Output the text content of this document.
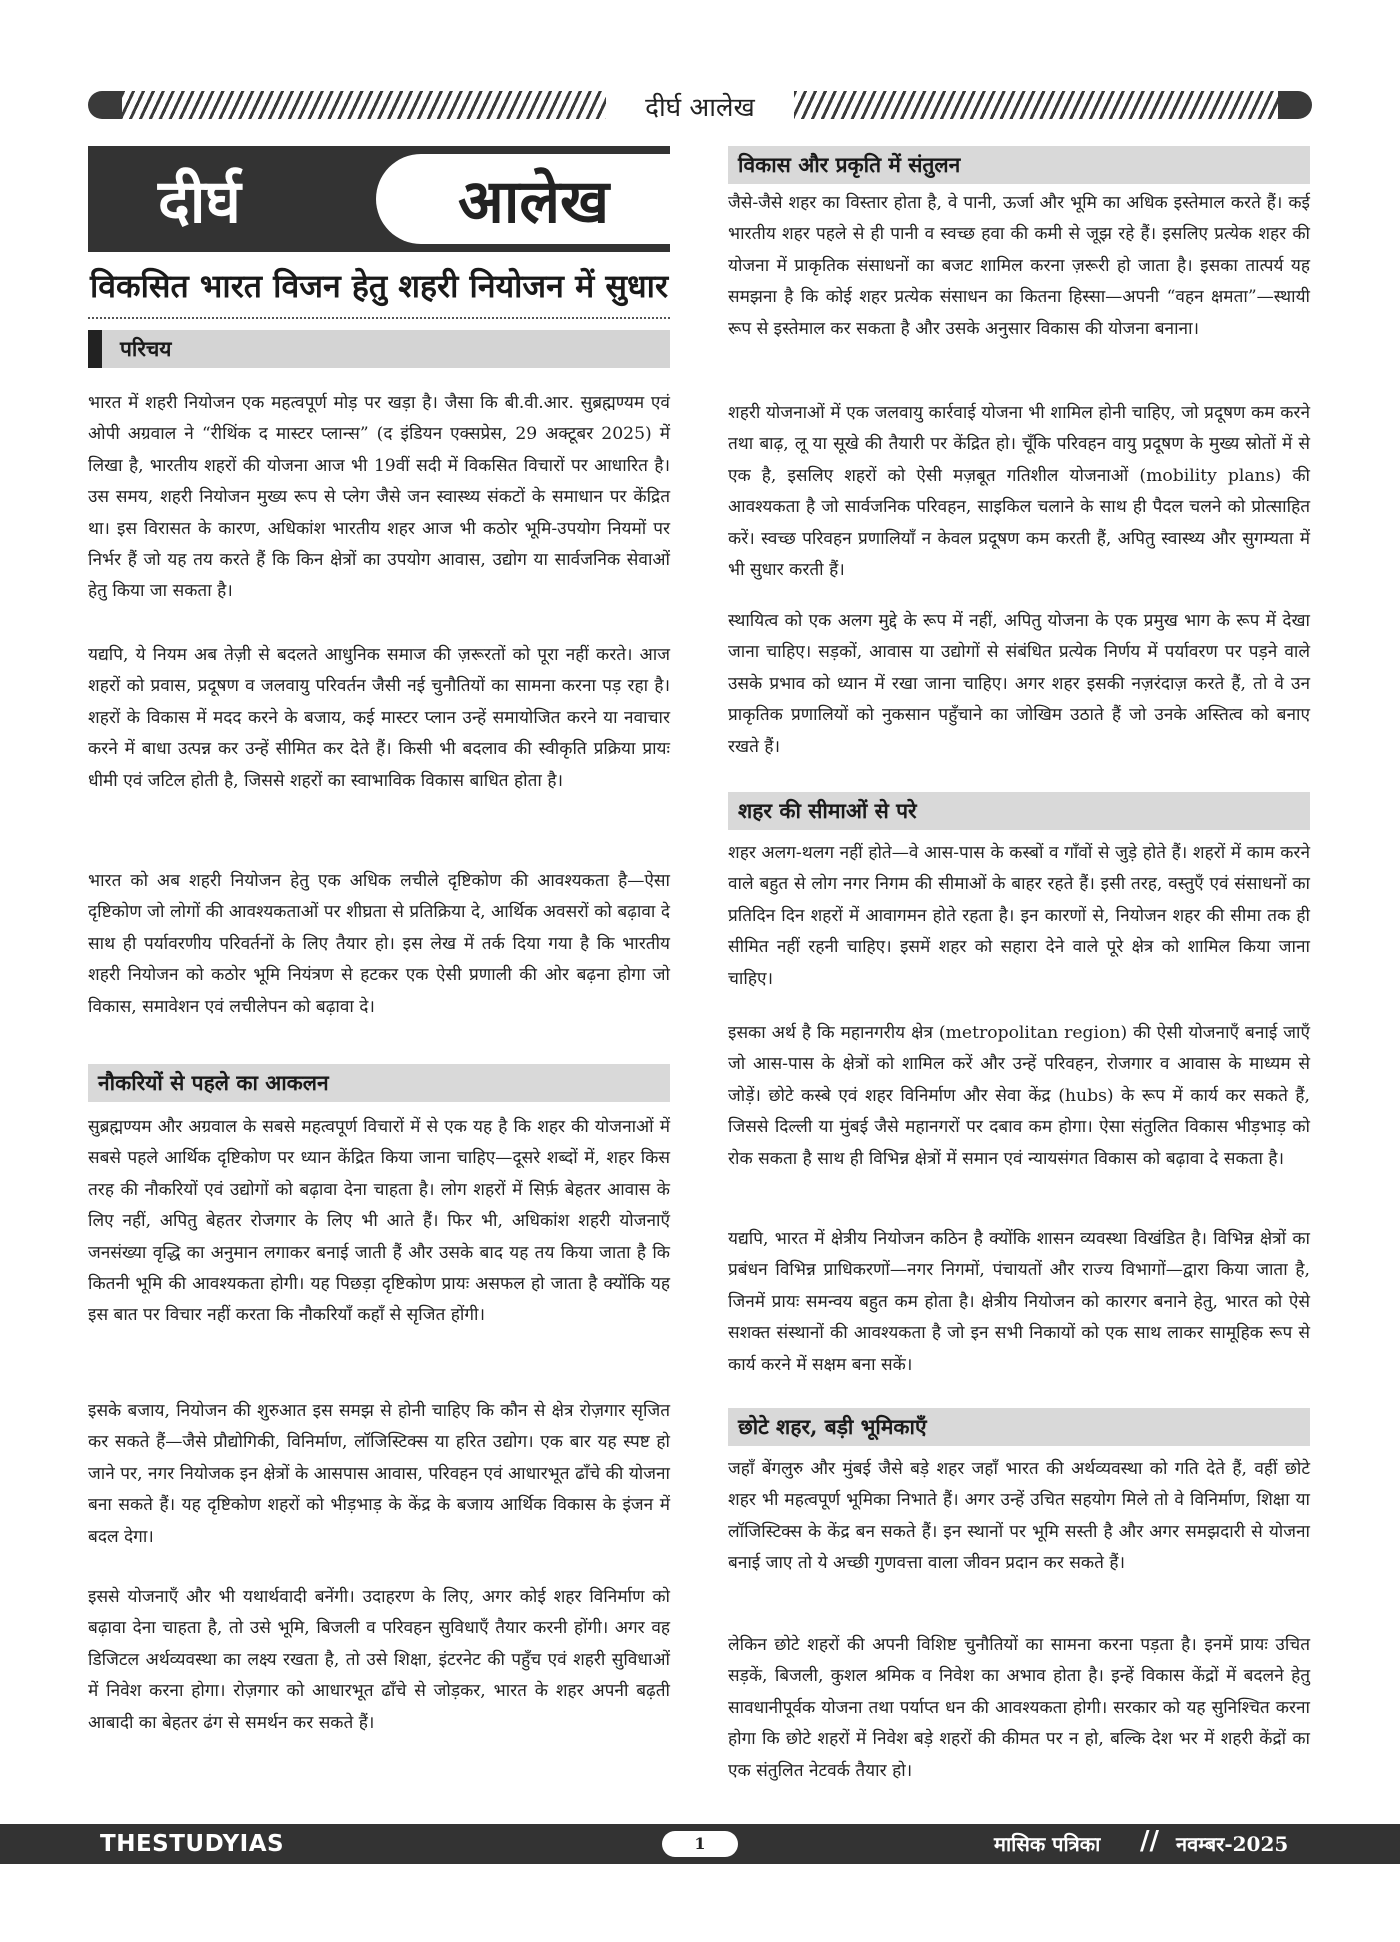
दीर्घ आलेख
दीर्घ	आलेख
विकसित भारत विजन हेतु शहरी नियोजन में सुधार
परिचय
भारत में शहरी नियोजन एक महत्वपूर्ण मोड़ पर खड़ा है। जैसा कि बी.वी.आर. सुब्रह्मण्यम एवं ओपी अग्रवाल ने “रीथिंक द मास्टर प्लान्स” (द इंडियन एक्सप्रेस, 29 अक्टूबर 2025) में लिखा है, भारतीय शहरों की योजना आज भी 19वीं सदी में विकसित विचारों पर आधारित है। उस समय, शहरी नियोजन मुख्य रूप से प्लेग जैसे जन स्वास्थ्य संकटों के समाधान पर केंद्रित था। इस विरासत के कारण, अधिकांश भारतीय शहर आज भी कठोर भूमि-उपयोग नियमों पर निर्भर हैं जो यह तय करते हैं कि किन क्षेत्रों का उपयोग आवास, उद्योग या सार्वजनिक सेवाओं हेतु किया जा सकता है।
यद्यपि, ये नियम अब तेज़ी से बदलते आधुनिक समाज की ज़रूरतों को पूरा नहीं करते। आज शहरों को प्रवास, प्रदूषण व जलवायु परिवर्तन जैसी नई चुनौतियों का सामना करना पड़ रहा है। शहरों के विकास में मदद करने के बजाय, कई मास्टर प्लान उन्हें समायोजित करने या नवाचार करने में बाधा उत्पन्न कर उन्हें सीमित कर देते हैं। किसी भी बदलाव की स्वीकृति प्रक्रिया प्रायः धीमी एवं जटिल होती है, जिससे शहरों का स्वाभाविक विकास बाधित होता है।
भारत को अब शहरी नियोजन हेतु एक अधिक लचीले दृष्टिकोण की आवश्यकता है—ऐसा दृष्टिकोण जो लोगों की आवश्यकताओं पर शीघ्रता से प्रतिक्रिया दे, आर्थिक अवसरों को बढ़ावा दे साथ ही पर्यावरणीय परिवर्तनों के लिए तैयार हो। इस लेख में तर्क दिया गया है कि भारतीय शहरी नियोजन को कठोर भूमि नियंत्रण से हटकर एक ऐसी प्रणाली की ओर बढ़ना होगा जो विकास, समावेशन एवं लचीलेपन को बढ़ावा दे।
नौकरियों से पहले का आकलन
सुब्रह्मण्यम और अग्रवाल के सबसे महत्वपूर्ण विचारों में से एक यह है कि शहर की योजनाओं में सबसे पहले आर्थिक दृष्टिकोण पर ध्यान केंद्रित किया जाना चाहिए—दूसरे शब्दों में, शहर किस तरह की नौकरियों एवं उद्योगों को बढ़ावा देना चाहता है। लोग शहरों में सिर्फ़ बेहतर आवास के लिए नहीं, अपितु बेहतर रोजगार के लिए भी आते हैं। फिर भी, अधिकांश शहरी योजनाएँ जनसंख्या वृद्धि का अनुमान लगाकर बनाई जाती हैं और उसके बाद यह तय किया जाता है कि कितनी भूमि की आवश्यकता होगी। यह पिछड़ा दृष्टिकोण प्रायः असफल हो जाता है क्योंकि यह इस बात पर विचार नहीं करता कि नौकरियाँ कहाँ से सृजित होंगी।
इसके बजाय, नियोजन की शुरुआत इस समझ से होनी चाहिए कि कौन से क्षेत्र रोज़गार सृजित कर सकते हैं—जैसे प्रौद्योगिकी, विनिर्माण, लॉजिस्टिक्स या हरित उद्योग। एक बार यह स्पष्ट हो जाने पर, नगर नियोजक इन क्षेत्रों के आसपास आवास, परिवहन एवं आधारभूत ढाँचे की योजना बना सकते हैं। यह दृष्टिकोण शहरों को भीड़भाड़ के केंद्र के बजाय आर्थिक विकास के इंजन में बदल देगा।
इससे योजनाएँ और भी यथार्थवादी बनेंगी। उदाहरण के लिए, अगर कोई शहर विनिर्माण को बढ़ावा देना चाहता है, तो उसे भूमि, बिजली व परिवहन सुविधाएँ तैयार करनी होंगी। अगर वह डिजिटल अर्थव्यवस्था का लक्ष्य रखता है, तो उसे शिक्षा, इंटरनेट की पहुँच एवं शहरी सुविधाओं में निवेश करना होगा। रोज़गार को आधारभूत ढाँचे से जोड़कर, भारत के शहर अपनी बढ़ती आबादी का बेहतर ढंग से समर्थन कर सकते हैं।
विकास और प्रकृति में संतुलन
जैसे-जैसे शहर का विस्तार होता है, वे पानी, ऊर्जा और भूमि का अधिक इस्तेमाल करते हैं। कई भारतीय शहर पहले से ही पानी व स्वच्छ हवा की कमी से जूझ रहे हैं। इसलिए प्रत्येक शहर की योजना में प्राकृतिक संसाधनों का बजट शामिल करना ज़रूरी हो जाता है। इसका तात्पर्य यह समझना है कि कोई शहर प्रत्येक संसाधन का कितना हिस्सा—अपनी “वहन क्षमता”—स्थायी रूप से इस्तेमाल कर सकता है और उसके अनुसार विकास की योजना बनाना।
शहरी योजनाओं में एक जलवायु कार्रवाई योजना भी शामिल होनी चाहिए, जो प्रदूषण कम करने तथा बाढ़, लू या सूखे की तैयारी पर केंद्रित हो। चूँकि परिवहन वायु प्रदूषण के मुख्य स्रोतों में से एक है, इसलिए शहरों को ऐसी मज़बूत गतिशील योजनाओं (mobility plans) की आवश्यकता है जो सार्वजनिक परिवहन, साइकिल चलाने के साथ ही पैदल चलने को प्रोत्साहित करें। स्वच्छ परिवहन प्रणालियाँ न केवल प्रदूषण कम करती हैं, अपितु स्वास्थ्य और सुगम्यता में भी सुधार करती हैं।
स्थायित्व को एक अलग मुद्दे के रूप में नहीं, अपितु योजना के एक प्रमुख भाग के रूप में देखा जाना चाहिए। सड़कों, आवास या उद्योगों से संबंधित प्रत्येक निर्णय में पर्यावरण पर पड़ने वाले उसके प्रभाव को ध्यान में रखा जाना चाहिए। अगर शहर इसकी नज़रंदाज़ करते हैं, तो वे उन प्राकृतिक प्रणालियों को नुकसान पहुँचाने का जोखिम उठाते हैं जो उनके अस्तित्व को बनाए रखते हैं।
शहर की सीमाओं से परे
शहर अलग-थलग नहीं होते—वे आस-पास के कस्बों व गाँवों से जुड़े होते हैं। शहरों में काम करने वाले बहुत से लोग नगर निगम की सीमाओं के बाहर रहते हैं। इसी तरह, वस्तुएँ एवं संसाधनों का प्रतिदिन दिन शहरों में आवागमन होते रहता है। इन कारणों से, नियोजन शहर की सीमा तक ही सीमित नहीं रहनी चाहिए। इसमें शहर को सहारा देने वाले पूरे क्षेत्र को शामिल किया जाना चाहिए।
इसका अर्थ है कि महानगरीय क्षेत्र (metropolitan region) की ऐसी योजनाएँ बनाई जाएँ जो आस-पास के क्षेत्रों को शामिल करें और उन्हें परिवहन, रोजगार व आवास के माध्यम से जोड़ें। छोटे कस्बे एवं शहर विनिर्माण और सेवा केंद्र (hubs) के रूप में कार्य कर सकते हैं, जिससे दिल्ली या मुंबई जैसे महानगरों पर दबाव कम होगा। ऐसा संतुलित विकास भीड़भाड़ को रोक सकता है साथ ही विभिन्न क्षेत्रों में समान एवं न्यायसंगत विकास को बढ़ावा दे सकता है।
यद्यपि, भारत में क्षेत्रीय नियोजन कठिन है क्योंकि शासन व्यवस्था विखंडित है। विभिन्न क्षेत्रों का प्रबंधन विभिन्न प्राधिकरणों—नगर निगमों, पंचायतों और राज्य विभागों—द्वारा किया जाता है, जिनमें प्रायः समन्वय बहुत कम होता है। क्षेत्रीय नियोजन को कारगर बनाने हेतु, भारत को ऐसे सशक्त संस्थानों की आवश्यकता है जो इन सभी निकायों को एक साथ लाकर सामूहिक रूप से कार्य करने में सक्षम बना सकें।
छोटे शहर, बड़ी भूमिकाएँ
जहाँ बेंगलुरु और मुंबई जैसे बड़े शहर जहाँ भारत की अर्थव्यवस्था को गति देते हैं, वहीं छोटे शहर भी महत्वपूर्ण भूमिका निभाते हैं। अगर उन्हें उचित सहयोग मिले तो वे विनिर्माण, शिक्षा या लॉजिस्टिक्स के केंद्र बन सकते हैं। इन स्थानों पर भूमि सस्ती है और अगर समझदारी से योजना बनाई जाए तो ये अच्छी गुणवत्ता वाला जीवन प्रदान कर सकते हैं।
लेकिन छोटे शहरों की अपनी विशिष्ट चुनौतियों का सामना करना पड़ता है। इनमें प्रायः उचित सड़कें, बिजली, कुशल श्रमिक व निवेश का अभाव होता है। इन्हें विकास केंद्रों में बदलने हेतु सावधानीपूर्वक योजना तथा पर्याप्त धन की आवश्यकता होगी। सरकार को यह सुनिश्चित करना होगा कि छोटे शहरों में निवेश बड़े शहरों की कीमत पर न हो, बल्कि देश भर में शहरी केंद्रों का एक संतुलित नेटवर्क तैयार हो।
THESTUDYIAS	1	मासिक पत्रिका // नवम्बर-2025
